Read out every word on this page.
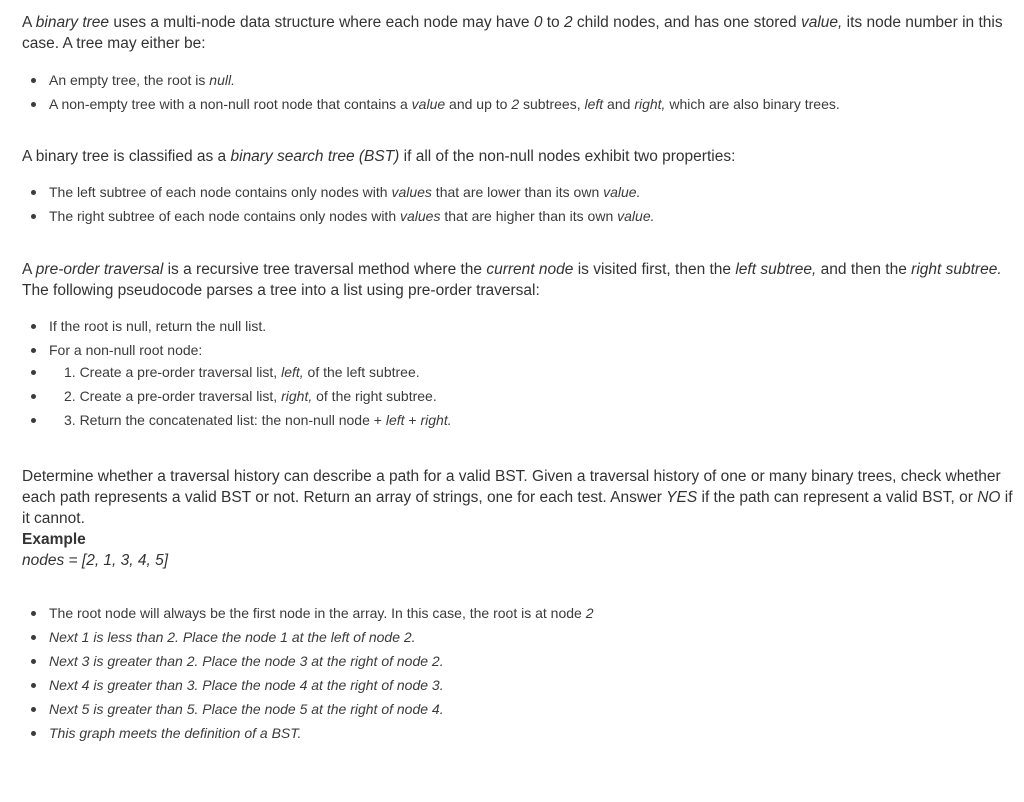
A binary tree uses a multi-node data structure where each node may have 0 to 2 child nodes, and has one stored value, its node number in this case. A tree may either be:

An empty tree, the root is null.
A non-empty tree with a non-null root node that contains a value and up to 2 subtrees, left and right, which are also binary trees.

A binary tree is classified as a binary search tree (BST) if all of the non-null nodes exhibit two properties:

The left subtree of each node contains only nodes with values that are lower than its own value.
The right subtree of each node contains only nodes with values that are higher than its own value.

A pre-order traversal is a recursive tree traversal method where the current node is visited first, then the left subtree, and then the right subtree. The following pseudocode parses a tree into a list using pre-order traversal:

If the root is null, return the null list.
For a non-null root node:
1. Create a pre-order traversal list, left, of the left subtree.
2. Create a pre-order traversal list, right, of the right subtree.
3. Return the concatenated list: the non-null node + left + right.

Determine whether a traversal history can describe a path for a valid BST. Given a traversal history of one or many binary trees, check whether each path represents a valid BST or not. Return an array of strings, one for each test. Answer YES if the path can represent a valid BST, or NO if it cannot.

Example
nodes = [2, 1, 3, 4, 5]
The root node will always be the first node in the array. In this case, the root is at node 2
Next 1 is less than 2. Place the node 1 at the left of node 2.
Next 3 is greater than 2. Place the node 3 at the right of node 2.
Next 4 is greater than 3. Place the node 4 at the right of node 3.
Next 5 is greater than 5. Place the node 5 at the right of node 4.
This graph meets the definition of a BST.
